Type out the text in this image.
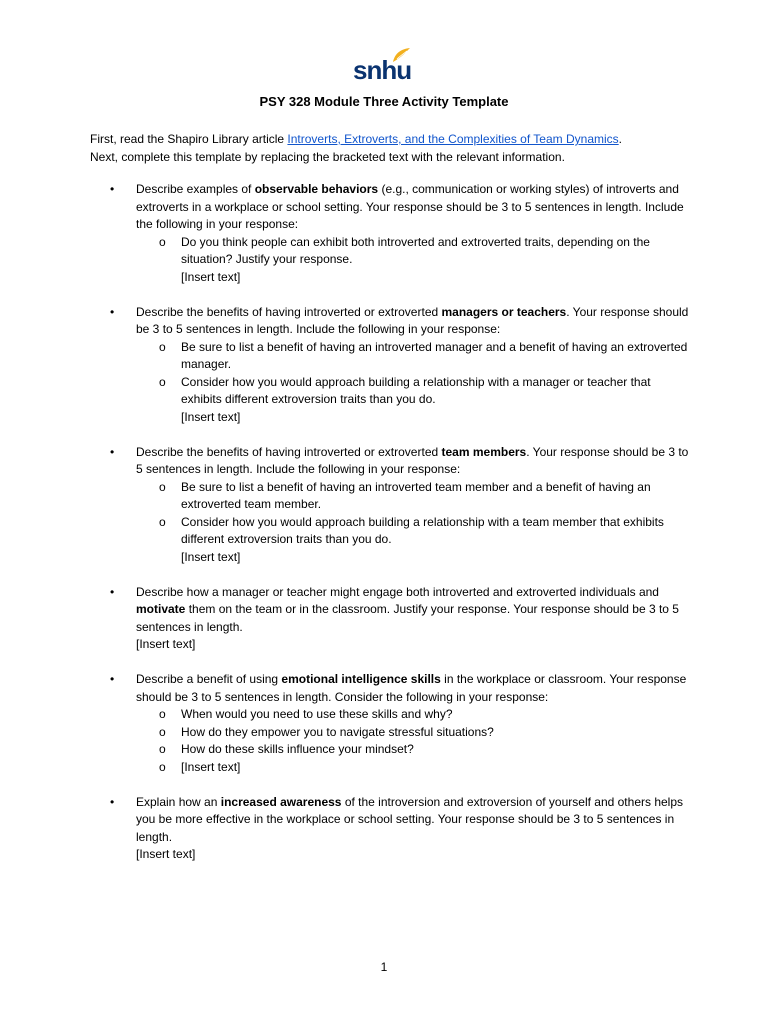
snhu
PSY 328 Module Three Activity Template
First, read the Shapiro Library article Introverts, Extroverts, and the Complexities of Team Dynamics.
Next, complete this template by replacing the bracketed text with the relevant information.
• Describe examples of observable behaviors (e.g., communication or working styles) of introverts and extroverts in a workplace or school setting. Your response should be 3 to 5 sentences in length. Include the following in your response:
o Do you think people can exhibit both introverted and extroverted traits, depending on the situation? Justify your response.
[Insert text]
• Describe the benefits of having introverted or extroverted managers or teachers. Your response should be 3 to 5 sentences in length. Include the following in your response:
o Be sure to list a benefit of having an introverted manager and a benefit of having an extroverted manager.
o Consider how you would approach building a relationship with a manager or teacher that exhibits different extroversion traits than you do.
[Insert text]
• Describe the benefits of having introverted or extroverted team members. Your response should be 3 to 5 sentences in length. Include the following in your response:
o Be sure to list a benefit of having an introverted team member and a benefit of having an extroverted team member.
o Consider how you would approach building a relationship with a team member that exhibits different extroversion traits than you do.
[Insert text]
• Describe how a manager or teacher might engage both introverted and extroverted individuals and motivate them on the team or in the classroom. Justify your response. Your response should be 3 to 5 sentences in length.
[Insert text]
• Describe a benefit of using emotional intelligence skills in the workplace or classroom. Your response should be 3 to 5 sentences in length. Consider the following in your response:
o When would you need to use these skills and why?
o How do they empower you to navigate stressful situations?
o How do these skills influence your mindset?
o [Insert text]
• Explain how an increased awareness of the introversion and extroversion of yourself and others helps you be more effective in the workplace or school setting. Your response should be 3 to 5 sentences in length.
[Insert text]
1
